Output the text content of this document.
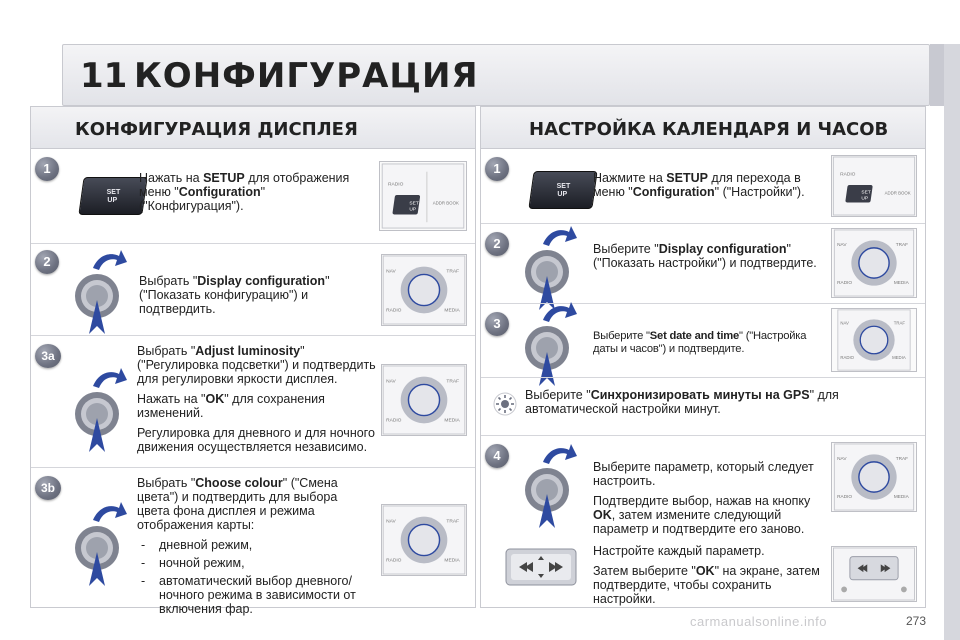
11 КОНФИГУРАЦИЯ
КОНФИГУРАЦИЯ ДИСПЛЕЯ
1
SET
UP
Нажать на SETUP для отображения меню "Configuration" ("Конфигурация").
RADIO
SET
UP
ADDR BOOK
2
Выбрать "Display configuration" ("Показать конфигурацию") и подтвердить.
NAV	TRAF
RADIO	MEDIA
3a	Выбрать "Adjust luminosity" ("Регулировка подсветки") и подтвердить для регулировки яркости дисплея.
Нажать на "OK" для сохранения изменений.
Регулировка для дневного и для ночного движения осуществляется независимо.
NAV	TRAF
RADIO	MEDIA
3b	Выбрать "Choose colour" ("Смена цвета") и подтвердить для выбора цвета фона дисплея и режима отображения карты:
- дневной режим,
- ночной режим,
- автоматический выбор дневного/ночного режима в зависимости от включения фар.
NAV	TRAF
RADIO	MEDIA
НАСТРОЙКА КАЛЕНДАРЯ И ЧАСОВ
1
SET
UP
Нажмите на SETUP для перехода в меню "Configuration" ("Настройки").
RADIO
SET
UP
ADDR BOOK
2	Выберите "Display configuration" ("Показать настройки") и подтвердите.
NAV	TRAF
RADIO	MEDIA
3
Выберите "Set date and time" ("Настройка даты и часов") и подтвердите.
NAV	TRAF
RADIO	MEDIA
Выберите "Синхронизировать минуты на GPS" для автоматической настройки минут.
4
Выберите параметр, который следует настроить.
Подтвердите выбор, нажав на кнопку OK, затем измените следующий параметр и подтвердите его заново.
Настройте каждый параметр.
Затем выберите "OK" на экране, затем подтвердите, чтобы сохранить настройки.
NAV	TRAF
RADIO	MEDIA
carmanualsonline.info	273
